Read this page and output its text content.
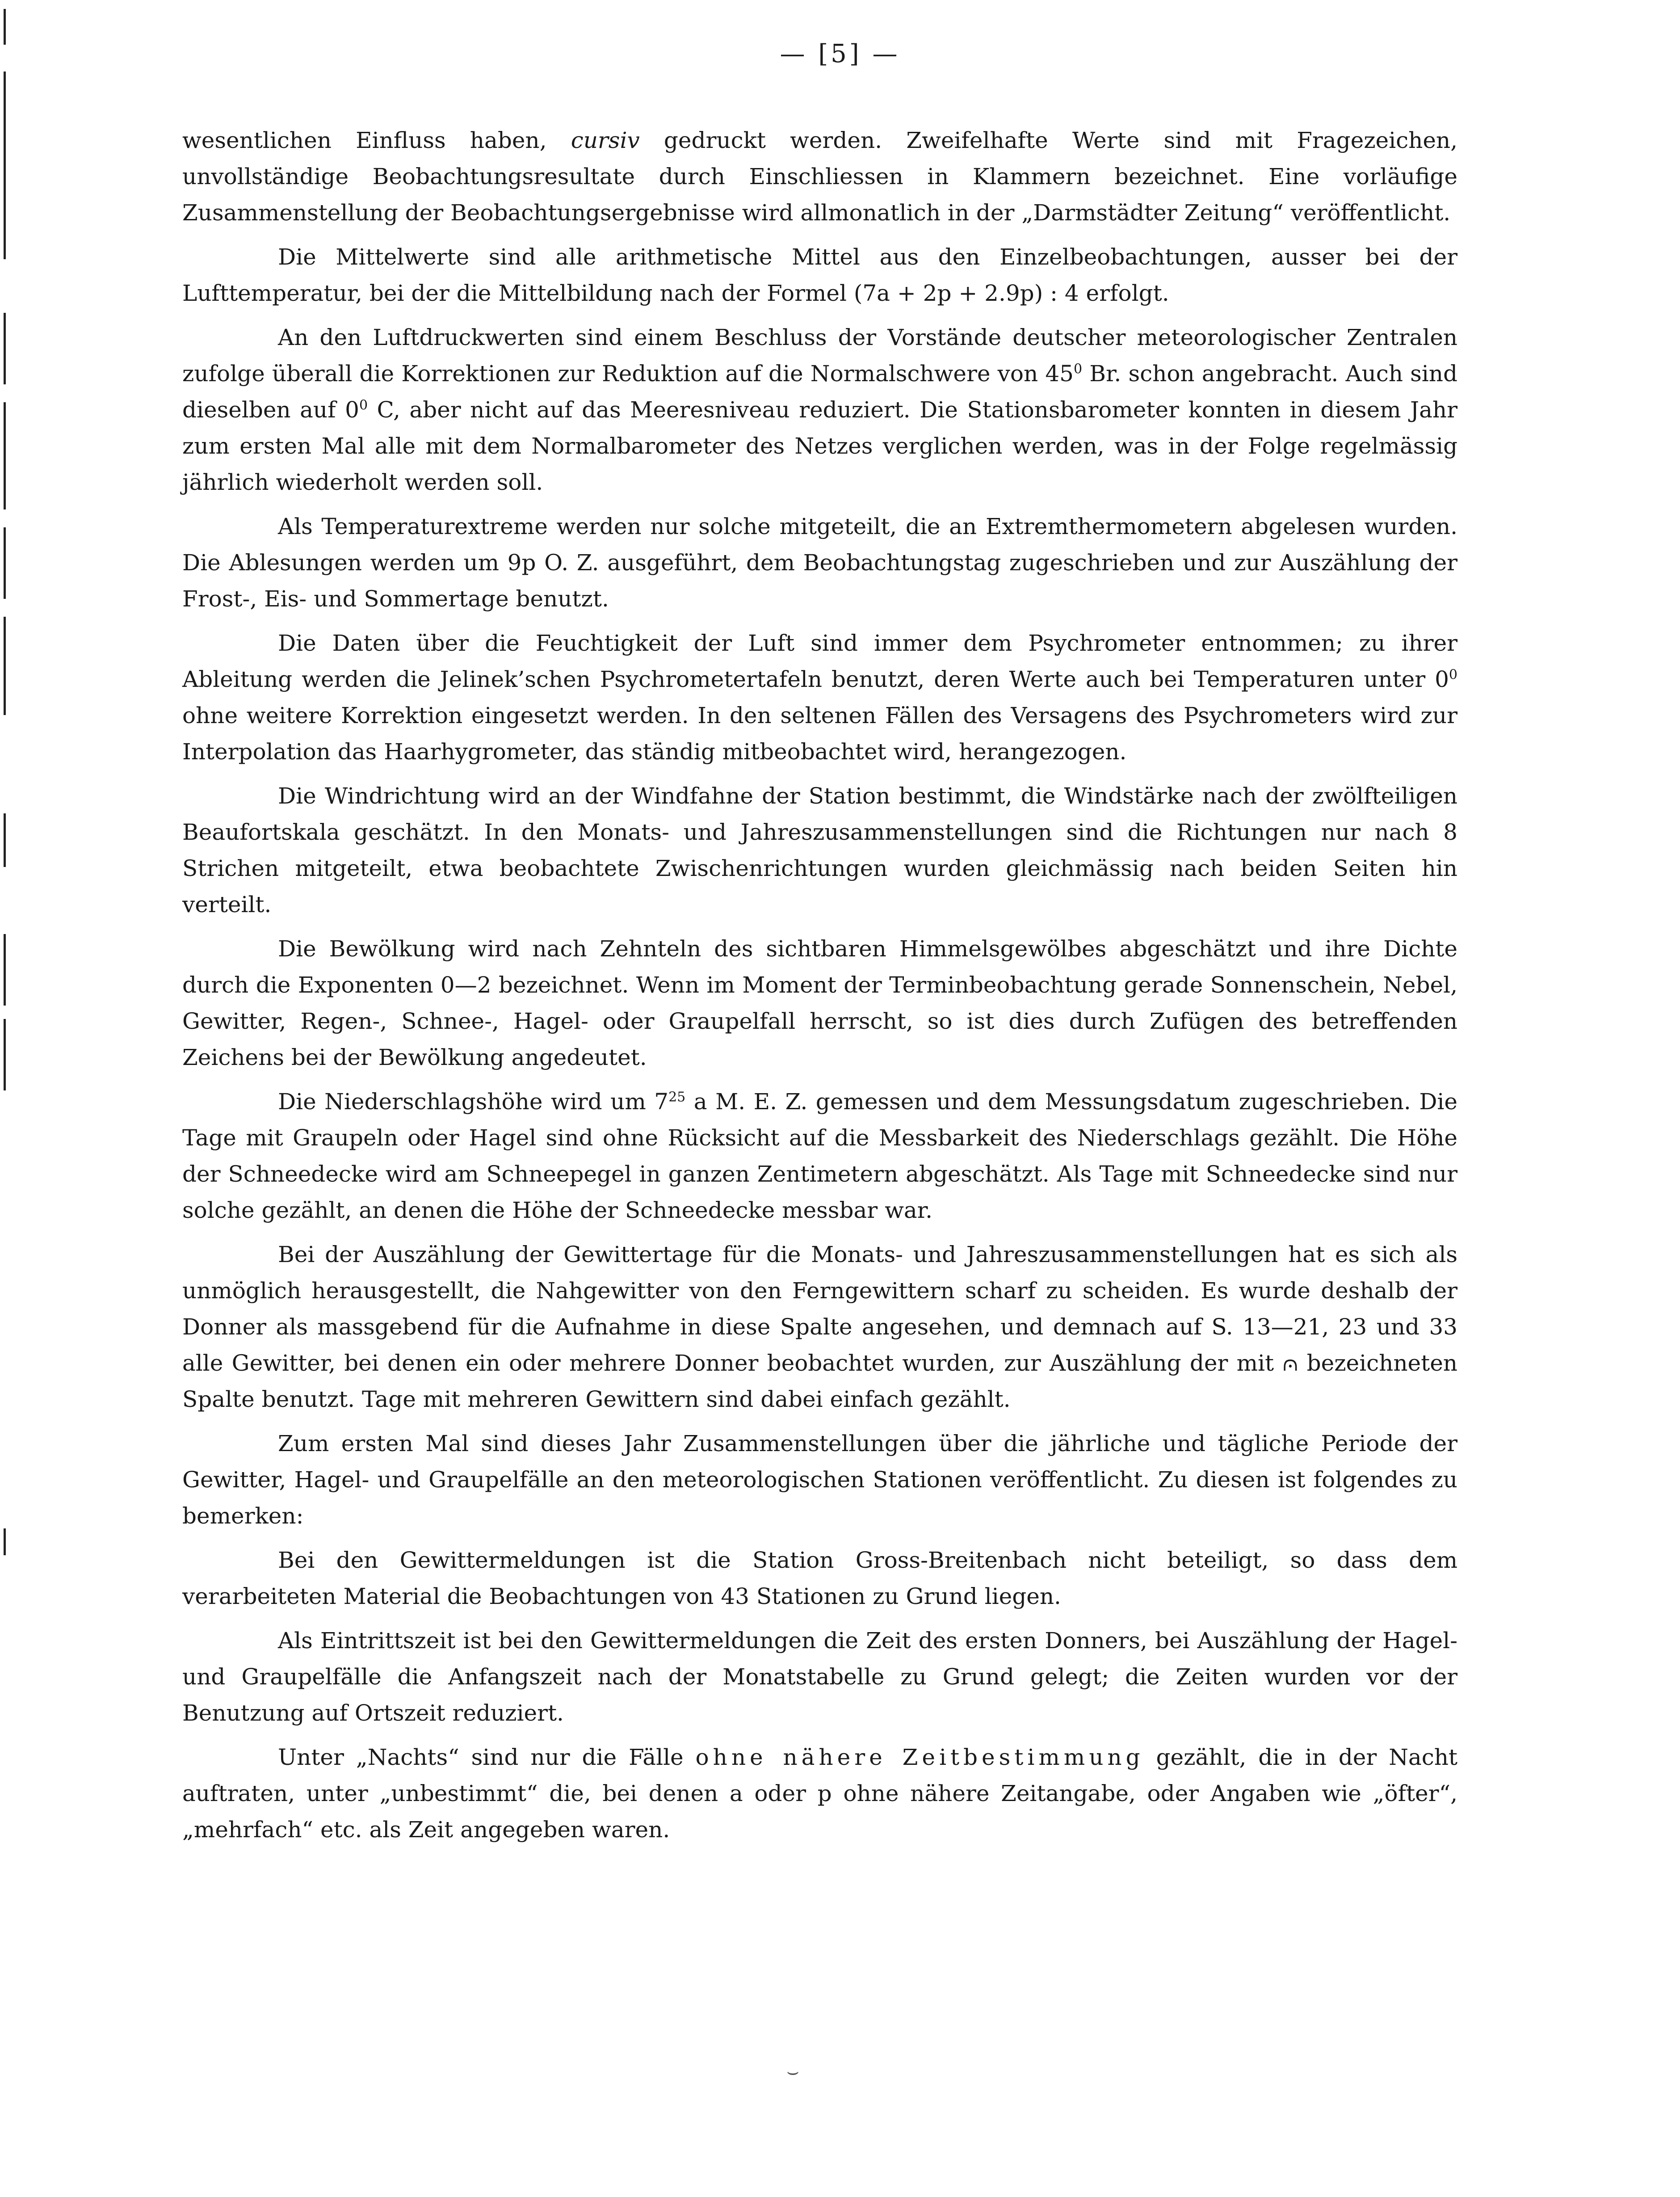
— [5] —

wesentlichen Einfluss haben, cursiv gedruckt werden. Zweifelhafte Werte sind mit Fragezeichen, unvollständige Beobachtungsresultate durch Einschliessen in Klammern bezeichnet. Eine vorläufige Zusammenstellung der Beobachtungsergebnisse wird allmonatlich in der „Darmstädter Zeitung“ veröffentlicht.

Die Mittelwerte sind alle arithmetische Mittel aus den Einzelbeobachtungen, ausser bei der Lufttemperatur, bei der die Mittelbildung nach der Formel (7a + 2p + 2.9p) : 4 erfolgt.

An den Luftdruckwerten sind einem Beschluss der Vorstände deutscher meteorologischer Zentralen zufolge überall die Korrektionen zur Reduktion auf die Normalschwere von $45^0$ Br. schon angebracht. Auch sind dieselben auf $0^0$ C, aber nicht auf das Meeresniveau reduziert. Die Stationsbarometer konnten in diesem Jahr zum ersten Mal alle mit dem Normalbarometer des Netzes verglichen werden, was in der Folge regelmässig jährlich wiederholt werden soll.

Als Temperaturextreme werden nur solche mitgeteilt, die an Extremthermometern abgelesen wurden. Die Ablesungen werden um 9p O. Z. ausgeführt, dem Beobachtungstag zugeschrieben und zur Auszählung der Frost-, Eis- und Sommertage benutzt.

Die Daten über die Feuchtigkeit der Luft sind immer dem Psychrometer entnommen; zu ihrer Ableitung werden die Jelinek’schen Psychrometertafeln benutzt, deren Werte auch bei Temperaturen unter $0^0$ ohne weitere Korrektion eingesetzt werden. In den seltenen Fällen des Versagens des Psychrometers wird zur Interpolation das Haarhygrometer, das ständig mitbeobachtet wird, herangezogen.

Die Windrichtung wird an der Windfahne der Station bestimmt, die Windstärke nach der zwölfteiligen Beaufortskala geschätzt. In den Monats- und Jahreszusammenstellungen sind die Richtungen nur nach 8 Strichen mitgeteilt, etwa beobachtete Zwischenrichtungen wurden gleichmässig nach beiden Seiten hin verteilt.

Die Bewölkung wird nach Zehnteln des sichtbaren Himmelsgewölbes abgeschätzt und ihre Dichte durch die Exponenten 0—2 bezeichnet. Wenn im Moment der Terminbeobachtung gerade Sonnenschein, Nebel, Gewitter, Regen-, Schnee-, Hagel- oder Graupelfall herrscht, so ist dies durch Zufügen des betreffenden Zeichens bei der Bewölkung angedeutet.

Die Niederschlagshöhe wird um $7^{25}$ a M. E. Z. gemessen und dem Messungsdatum zugeschrieben. Die Tage mit Graupeln oder Hagel sind ohne Rücksicht auf die Messbarkeit des Niederschlags gezählt. Die Höhe der Schneedecke wird am Schneepegel in ganzen Zentimetern abgeschätzt. Als Tage mit Schneedecke sind nur solche gezählt, an denen die Höhe der Schneedecke messbar war.

Bei der Auszählung der Gewittertage für die Monats- und Jahreszusammenstellungen hat es sich als unmöglich herausgestellt, die Nahgewitter von den Ferngewittern scharf zu scheiden. Es wurde deshalb der Donner als massgebend für die Aufnahme in diese Spalte angesehen, und demnach auf S. 13—21, 23 und 33 alle Gewitter, bei denen ein oder mehrere Donner beobachtet wurden, zur Auszählung der mit ⩀ bezeichneten Spalte benutzt. Tage mit mehreren Gewittern sind dabei einfach gezählt.

Zum ersten Mal sind dieses Jahr Zusammenstellungen über die jährliche und tägliche Periode der Gewitter, Hagel- und Graupelfälle an den meteorologischen Stationen veröffentlicht. Zu diesen ist folgendes zu bemerken:

Bei den Gewittermeldungen ist die Station Gross-Breitenbach nicht beteiligt, so dass dem verarbeiteten Material die Beobachtungen von 43 Stationen zu Grund liegen.

Als Eintrittszeit ist bei den Gewittermeldungen die Zeit des ersten Donners, bei Auszählung der Hagel- und Graupelfälle die Anfangszeit nach der Monatstabelle zu Grund gelegt; die Zeiten wurden vor der Benutzung auf Ortszeit reduziert.

Unter „Nachts“ sind nur die Fälle ohne nähere Zeitbestimmung gezählt, die in der Nacht auftraten, unter „unbestimmt“ die, bei denen a oder p ohne nähere Zeitangabe, oder Angaben wie „öfter“, „mehrfach“ etc. als Zeit angegeben waren.

⌣
